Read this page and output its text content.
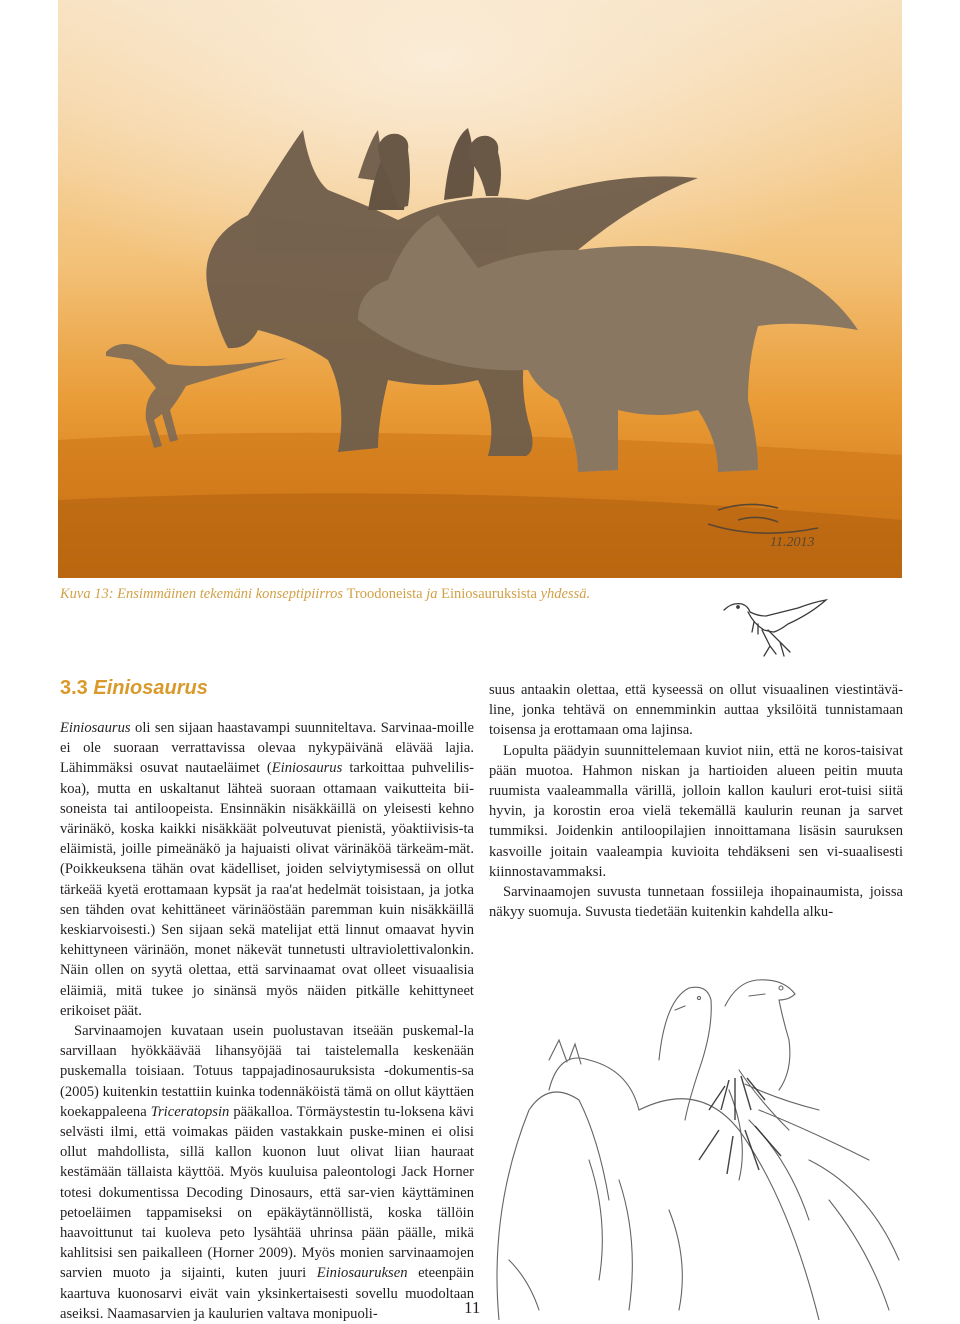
11.2013
Kuva 13: Ensimmäinen tekemäni konseptipiirros Troodoneista ja Einiosauruksista yhdessä.
3.3 Einiosaurus

Einiosaurus oli sen sijaan haastavampi suunniteltava. Sarvinaa-moille ei ole suoraan verrattavissa olevaa nykypäivänä elävää lajia. Lähimmäksi osuvat nautaeläimet (Einiosaurus tarkoittaa puhvelilis-koa), mutta en uskaltanut lähteä suoraan ottamaan vaikutteita bii-soneista tai antiloopeista. Ensinnäkin nisäkkäillä on yleisesti kehno värinäkö, koska kaikki nisäkkäät polveutuvat pienistä, yöaktiivisis-ta eläimistä, joille pimeänäkö ja hajuaisti olivat värinäköä tärkeäm-mät. (Poikkeuksena tähän ovat kädelliset, joiden selviytymisessä on ollut tärkeää kyetä erottamaan kypsät ja raa'at hedelmät toisistaan, ja jotka sen tähden ovat kehittäneet värinäöstään paremman kuin nisäkkäillä keskiarvoisesti.) Sen sijaan sekä matelijat että linnut omaavat hyvin kehittyneen värinäön, monet näkevät tunnetusti ultraviolettivalonkin. Näin ollen on syytä olettaa, että sarvinaamat ovat olleet visuaalisia eläimiä, mitä tukee jo sinänsä myös näiden pitkälle kehittyneet erikoiset päät.

Sarvinaamojen kuvataan usein puolustavan itseään puskemal-la sarvillaan hyökkäävää lihansyöjää tai taistelemalla keskenään puskemalla toisiaan. Totuus tappajadinosauruksista -dokumentis-sa (2005) kuitenkin testattiin kuinka todennäköistä tämä on ollut käyttäen koekappaleena Triceratopsin pääkalloa. Törmäystestin tu-loksena kävi selvästi ilmi, että voimakas päiden vastakkain puske-minen ei olisi ollut mahdollista, sillä kallon kuonon luut olivat liian hauraat kestämään tällaista käyttöä. Myös kuuluisa paleontologi Jack Horner totesi dokumentissa Decoding Dinosaurs, että sar-vien käyttäminen petoeläimen tappamiseksi on epäkäytännöllistä, koska tällöin haavoittunut tai kuoleva peto lysähtää uhrinsa pään päälle, mikä kahlitsisi sen paikalleen (Horner 2009). Myös monien sarvinaamojen sarvien muoto ja sijainti, kuten juuri Einiosauruksen eteenpäin kaartuva kuonosarvi eivät vain yksinkertaisesti sovellu muodoltaan aseiksi. Naamasarvien ja kaulurien valtava monipuoli-

suus antaakin olettaa, että kyseessä on ollut visuaalinen viestintävä-line, jonka tehtävä on ennemminkin auttaa yksilöitä tunnistamaan toisensa ja erottamaan oma lajinsa.

Lopulta päädyin suunnittelemaan kuviot niin, että ne koros-taisivat pään muotoa. Hahmon niskan ja hartioiden alueen peitin muuta ruumista vaaleammalla värillä, jolloin kallon kauluri erot-tuisi siitä hyvin, ja korostin eroa vielä tekemällä kaulurin reunan ja sarvet tummiksi. Joidenkin antiloopilajien innoittamana lisäsin sauruksen kasvoille joitain vaaleampia kuvioita tehdäkseni sen vi-suaalisesti kiinnostavammaksi.

Sarvinaamojen suvusta tunnetaan fossiileja ihopainaumista, joissa näkyy suomuja. Suvusta tiedetään kuitenkin kahdella alku-

11
